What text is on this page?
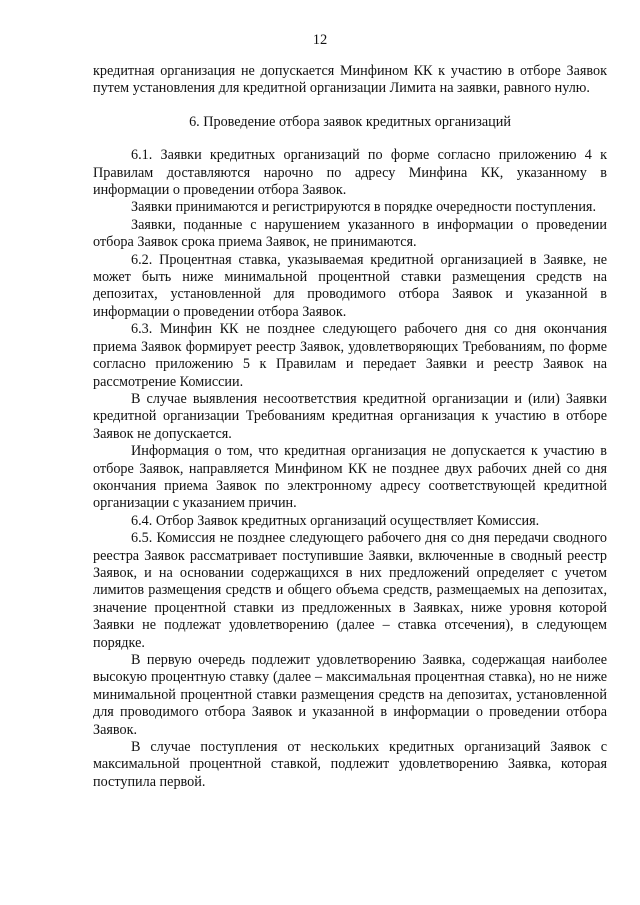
12

кредитная организация не допускается Минфином КК к участию в отборе Заявок путем установления для кредитной организации Лимита на заявки, равного нулю.

6. Проведение отбора заявок кредитных организаций

6.1. Заявки кредитных организаций по форме согласно приложению 4 к Правилам доставляются нарочно по адресу Минфина КК, указанному в информации о проведении отбора Заявок.

Заявки принимаются и регистрируются в порядке очередности поступления.

Заявки, поданные с нарушением указанного в информации о проведении отбора Заявок срока приема Заявок, не принимаются.

6.2. Процентная ставка, указываемая кредитной организацией в Заявке, не может быть ниже минимальной процентной ставки размещения средств на депозитах, установленной для проводимого отбора Заявок и указанной в информации о проведении отбора Заявок.

6.3. Минфин КК не позднее следующего рабочего дня со дня окончания приема Заявок формирует реестр Заявок, удовлетворяющих Требованиям, по форме согласно приложению 5 к Правилам и передает Заявки и реестр Заявок на рассмотрение Комиссии.

В случае выявления несоответствия кредитной организации и (или) Заявки кредитной организации Требованиям кредитная организация к участию в отборе Заявок не допускается.

Информация о том, что кредитная организация не допускается к участию в отборе Заявок, направляется Минфином КК не позднее двух рабочих дней со дня окончания приема Заявок по электронному адресу соответствующей кредитной организации с указанием причин.

6.4. Отбор Заявок кредитных организаций осуществляет Комиссия.

6.5. Комиссия не позднее следующего рабочего дня со дня передачи сводного реестра Заявок рассматривает поступившие Заявки, включенные в сводный реестр Заявок, и на основании содержащихся в них предложений определяет с учетом лимитов размещения средств и общего объема средств, размещаемых на депозитах, значение процентной ставки из предложенных в Заявках, ниже уровня которой Заявки не подлежат удовлетворению (далее – ставка отсечения), в следующем порядке.

В первую очередь подлежит удовлетворению Заявка, содержащая наиболее высокую процентную ставку (далее – максимальная процентная ставка), но не ниже минимальной процентной ставки размещения средств на депозитах, установленной для проводимого отбора Заявок и указанной в информации о проведении отбора Заявок.

В случае поступления от нескольких кредитных организаций Заявок с максимальной процентной ставкой, подлежит удовлетворению Заявка, которая поступила первой.
